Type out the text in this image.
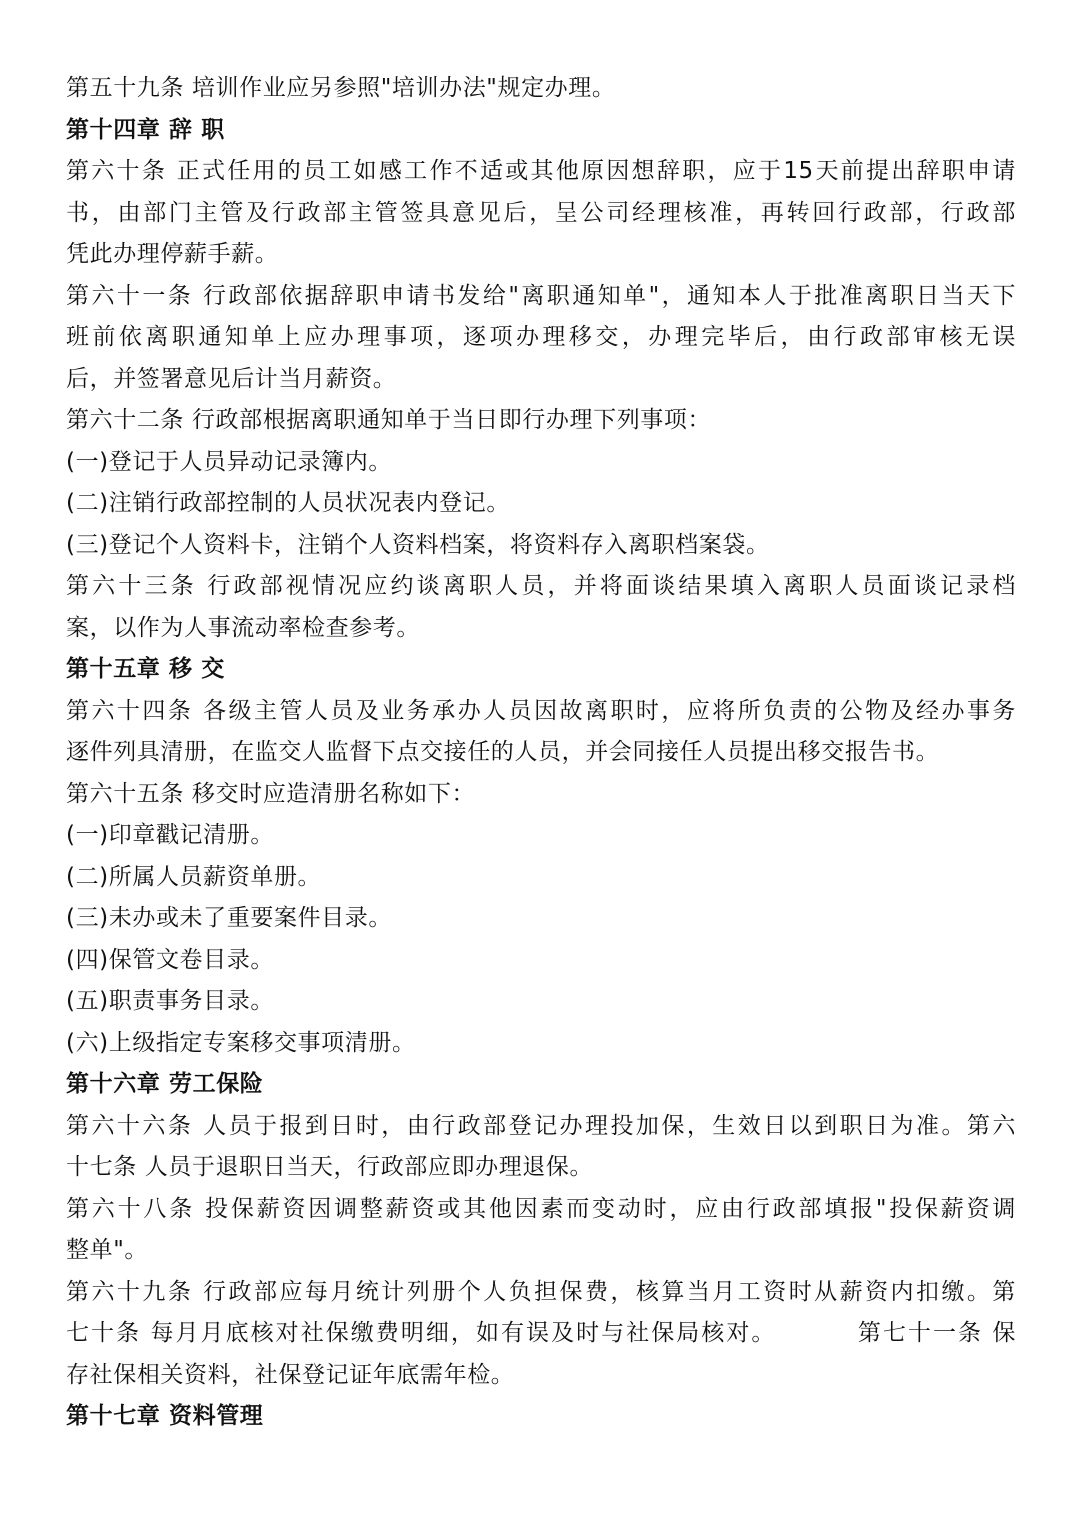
第五十九条 培训作业应另参照"培训办法"规定办理。
第十四章 辞 职
第六十条 正式任用的员工如感工作不适或其他原因想辞职，应于15天前提出辞职申请
书，由部门主管及行政部主管签具意见后，呈公司经理核准，再转回行政部，行政部
凭此办理停薪手薪。
第六十一条 行政部依据辞职申请书发给"离职通知单"，通知本人于批准离职日当天下
班前依离职通知单上应办理事项，逐项办理移交，办理完毕后，由行政部审核无误
后，并签署意见后计当月薪资。
第六十二条 行政部根据离职通知单于当日即行办理下列事项：
(一)登记于人员异动记录簿内。
(二)注销行政部控制的人员状况表内登记。
(三)登记个人资料卡，注销个人资料档案，将资料存入离职档案袋。
第六十三条 行政部视情况应约谈离职人员，并将面谈结果填入离职人员面谈记录档
案，以作为人事流动率检查参考。
第十五章 移 交
第六十四条 各级主管人员及业务承办人员因故离职时，应将所负责的公物及经办事务
逐件列具清册，在监交人监督下点交接任的人员，并会同接任人员提出移交报告书。
第六十五条 移交时应造清册名称如下：
(一)印章戳记清册。
(二)所属人员薪资单册。
(三)未办或未了重要案件目录。
(四)保管文卷目录。
(五)职责事务目录。
(六)上级指定专案移交事项清册。
第十六章 劳工保险
第六十六条 人员于报到日时，由行政部登记办理投加保，生效日以到职日为准。第六
十七条 人员于退职日当天，行政部应即办理退保。
第六十八条 投保薪资因调整薪资或其他因素而变动时，应由行政部填报"投保薪资调
整单"。
第六十九条 行政部应每月统计列册个人负担保费，核算当月工资时从薪资内扣缴。第
七十条 每月月底核对社保缴费明细，如有误及时与社保局核对。	第七十一条 保
存社保相关资料，社保登记证年底需年检。
第十七章 资料管理
